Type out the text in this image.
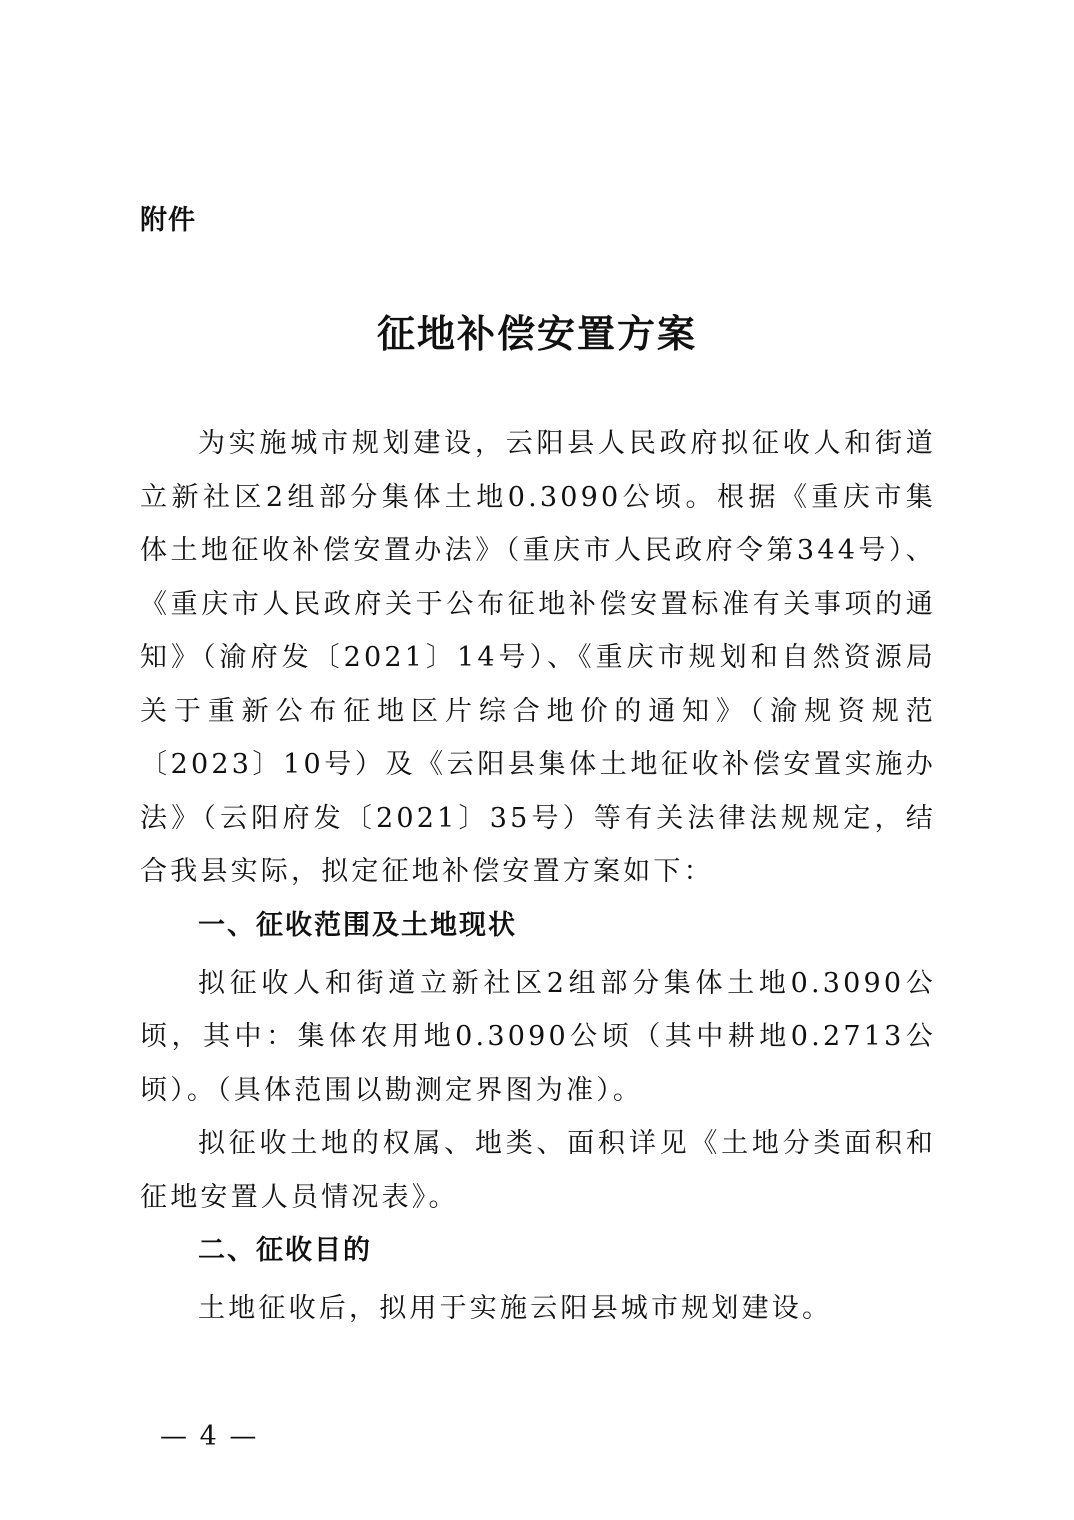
附件
征地补偿安置方案

为实施城市规划建设，云阳县人民政府拟征收人和街道立新社区2组部分集体土地0.3090公顷。根据《重庆市集体土地征收补偿安置办法》（重庆市人民政府令第344号）、《重庆市人民政府关于公布征地补偿安置标准有关事项的通知》（渝府发〔2021〕14号）、《重庆市规划和自然资源局关于重新公布征地区片综合地价的通知》（渝规资规范〔2023〕10号）及《云阳县集体土地征收补偿安置实施办法》（云阳府发〔2021〕35号）等有关法律法规规定，结合我县实际，拟定征地补偿安置方案如下：

一、征收范围及土地现状

拟征收人和街道立新社区2组部分集体土地0.3090公顷，其中：集体农用地0.3090公顷（其中耕地0.2713公顷）。（具体范围以勘测定界图为准）。

拟征收土地的权属、地类、面积详见《土地分类面积和征地安置人员情况表》。

二、征收目的

土地征收后，拟用于实施云阳县城市规划建设。

— 4 —
